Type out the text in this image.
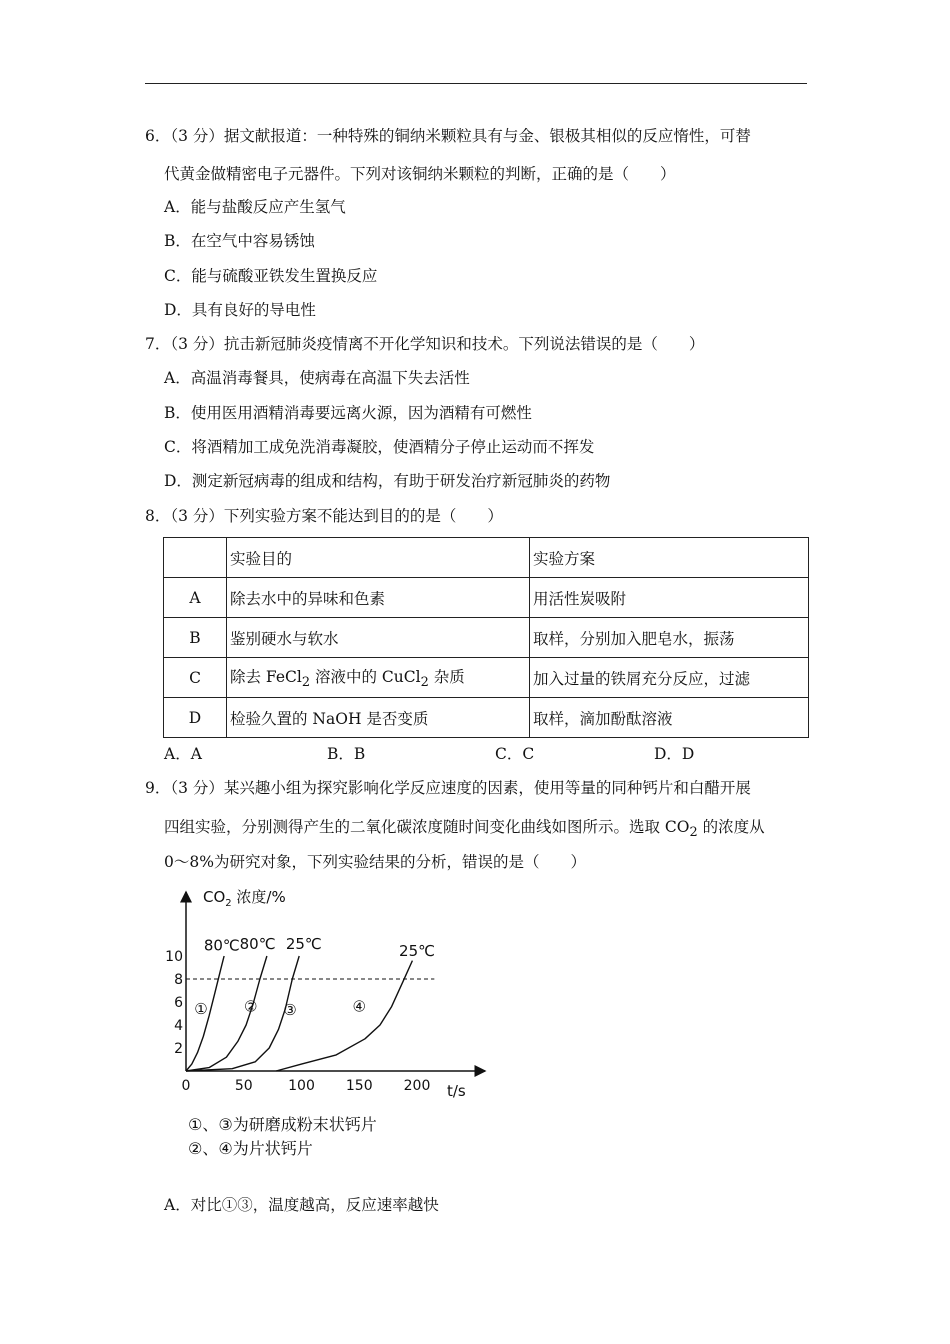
6．（3 分）据文献报道：一种特殊的铜纳米颗粒具有与金、银极其相似的反应惰性，可替
代黄金做精密电子元器件。下列对该铜纳米颗粒的判断，正确的是（　　）
A．能与盐酸反应产生氢气
B．在空气中容易锈蚀
C．能与硫酸亚铁发生置换反应
D．具有良好的导电性
7．（3 分）抗击新冠肺炎疫情离不开化学知识和技术。下列说法错误的是（　　）
A．高温消毒餐具，使病毒在高温下失去活性
B．使用医用酒精消毒要远离火源，因为酒精有可燃性
C．将酒精加工成免洗消毒凝胶，使酒精分子停止运动而不挥发
D．测定新冠病毒的组成和结构，有助于研发治疗新冠肺炎的药物
8．（3 分）下列实验方案不能达到目的的是（　　）
	实验目的	实验方案
A	除去水中的异味和色素	用活性炭吸附
B	鉴别硬水与软水	取样，分别加入肥皂水，振荡
C	除去 FeCl$_2$ 溶液中的 CuCl$_2$ 杂质	加入过量的铁屑充分反应，过滤
D	检验久置的 NaOH 是否变质	取样，滴加酚酞溶液
A．A	B．B	C．C	D．D
9．（3 分）某兴趣小组为探究影响化学反应速度的因素，使用等量的同种钙片和白醋开展
四组实验，分别测得产生的二氧化碳浓度随时间变化曲线如图所示。选取 $CO_2$ 的浓度从
0～8%为研究对象，下列实验结果的分析，错误的是（　　）
$CO_2$ 浓度/%
t/s
2
4
6
8
10
0	50	100 150 200
①
80℃
②
80℃
③
25℃
④
25℃
①、③为研磨成粉末状钙片
②、④为片状钙片
A．对比①③，温度越高，反应速率越快
